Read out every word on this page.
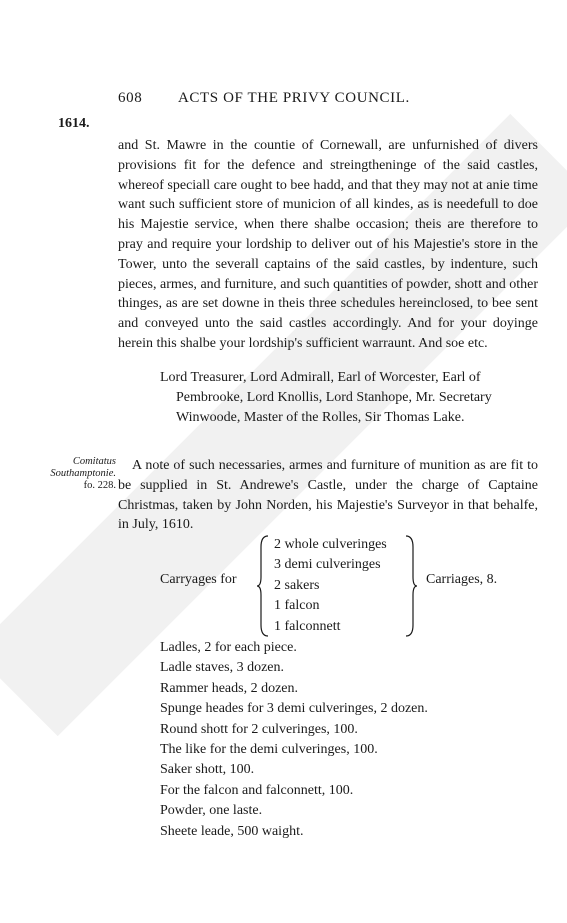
608 ACTS OF THE PRIVY COUNCIL.
1614.

and St. Mawre in the countie of Cornewall, are unfurnished of divers provisions fit for the defence and streingtheninge of the said castles, whereof speciall care ought to bee hadd, and that they may not at anie time want such sufficient store of municion of all kindes, as is needefull to doe his Majestie service, when there shalbe occasion; theis are therefore to pray and require your lordship to deliver out of his Majestie's store in the Tower, unto the severall captains of the said castles, by indenture, such pieces, armes, and furniture, and such quantities of powder, shott and other thinges, as are set downe in theis three schedules hereinclosed, to bee sent and conveyed unto the said castles accordingly. And for your doyinge herein this shalbe your lordship's sufficient warraunt. And soe etc.

Lord Treasurer, Lord Admirall, Earl of Worcester, Earl of
Pembrooke, Lord Knollis, Lord Stanhope, Mr. Secretary
Winwoode, Master of the Rolles, Sir Thomas Lake.
Comitatus
Southamptonie.
fo. 228.

A note of such necessaries, armes and furniture of munition as are fit to be supplied in St. Andrewe's Castle, under the charge of Captaine Christmas, taken by John Norden, his Majestie's Surveyor in that behalfe, in July, 1610.

Carryages for
2 whole culveringes
3 demi culveringes
2 sakers
1 falcon
1 falconnett
Carriages, 8.
Ladles, 2 for each piece.
Ladle staves, 3 dozen.
Rammer heads, 2 dozen.
Spunge heades for 3 demi culveringes, 2 dozen.
Round shott for 2 culveringes, 100.
The like for the demi culveringes, 100.
Saker shott, 100.
For the falcon and falconnett, 100.
Powder, one laste.
Sheete leade, 500 waight.
